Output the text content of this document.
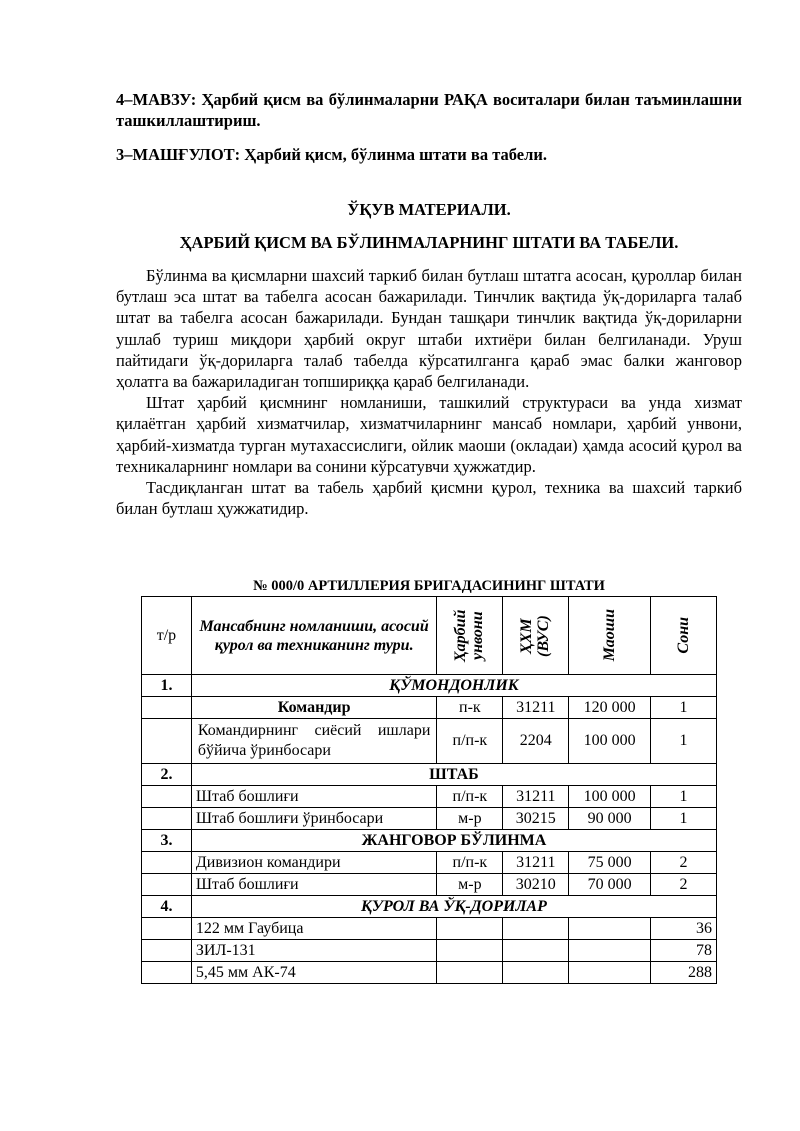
4–МАВЗУ: Ҳарбий қисм ва бўлинмаларни РАҚА воситалари билан таъминлашни ташкиллаштириш.
3–МАШҒУЛОТ: Ҳарбий қисм, бўлинма штати ва табели.
ЎҚУВ МАТЕРИАЛИ.
ҲАРБИЙ ҚИСМ ВА БЎЛИНМАЛАРНИНГ ШТАТИ ВА ТАБЕЛИ.

Бўлинма ва қисмларни шахсий таркиб билан бутлаш штатга асосан, қуроллар билан бутлаш эса штат ва табелга асосан бажарилади. Тинчлик вақтида ўқ-дориларга талаб штат ва табелга асосан бажарилади. Бундан ташқари тинчлик вақтида ўқ-дориларни ушлаб туриш миқдори ҳарбий округ штаби ихтиёри билан белгиланади. Уруш пайтидаги ўқ-дориларга талаб табелда кўрсатилганга қараб эмас балки жанговор ҳолатга ва бажариладиган топшириққа қараб белгиланади.

Штат ҳарбий қисмнинг номланиши, ташкилий структураси ва унда хизмат қилаётган ҳарбий хизматчилар, хизматчиларнинг мансаб номлари, ҳарбий унвони, ҳарбий-хизматда турган мутахассислиги, ойлик маоши (окладаи) ҳамда асосий қурол ва техникаларнинг номлари ва сонини кўрсатувчи ҳужжатдир.

Тасдиқланган штат ва табель ҳарбий қисмни қурол, техника ва шахсий таркиб билан бутлаш ҳужжатидир.

№ 000/0 АРТИЛЛЕРИЯ БРИГАДАСИНИНГ ШТАТИ
т/р	Мансабнинг номланиши, асосий қурол ва техниканинг тури.	Ҳарбий унвони	ҲХМ (ВУС)	Маоши	Сони

1.	ҚЎМОНДОНЛИК				
	Командир	п-к	31211	120 000	1
	Командирнинг сиёсий ишлари бўйича ўринбосари	п/п-к	2204	100 000	1
2.	ШТАБ				
	Штаб бошлиғи	п/п-к	31211	100 000	1
	Штаб бошлиғи ўринбосари	м-р	30215	90 000	1
3.	ЖАНГОВОР БЎЛИНМА				
	Дивизион командири	п/п-к	31211	75 000	2
	Штаб бошлиғи	м-р	30210	70 000	2
4.	ҚУРОЛ ВА ЎҚ-ДОРИЛАР				
	122 мм Гаубица				36
	ЗИЛ-131				78
	5,45 мм АК-74				288
